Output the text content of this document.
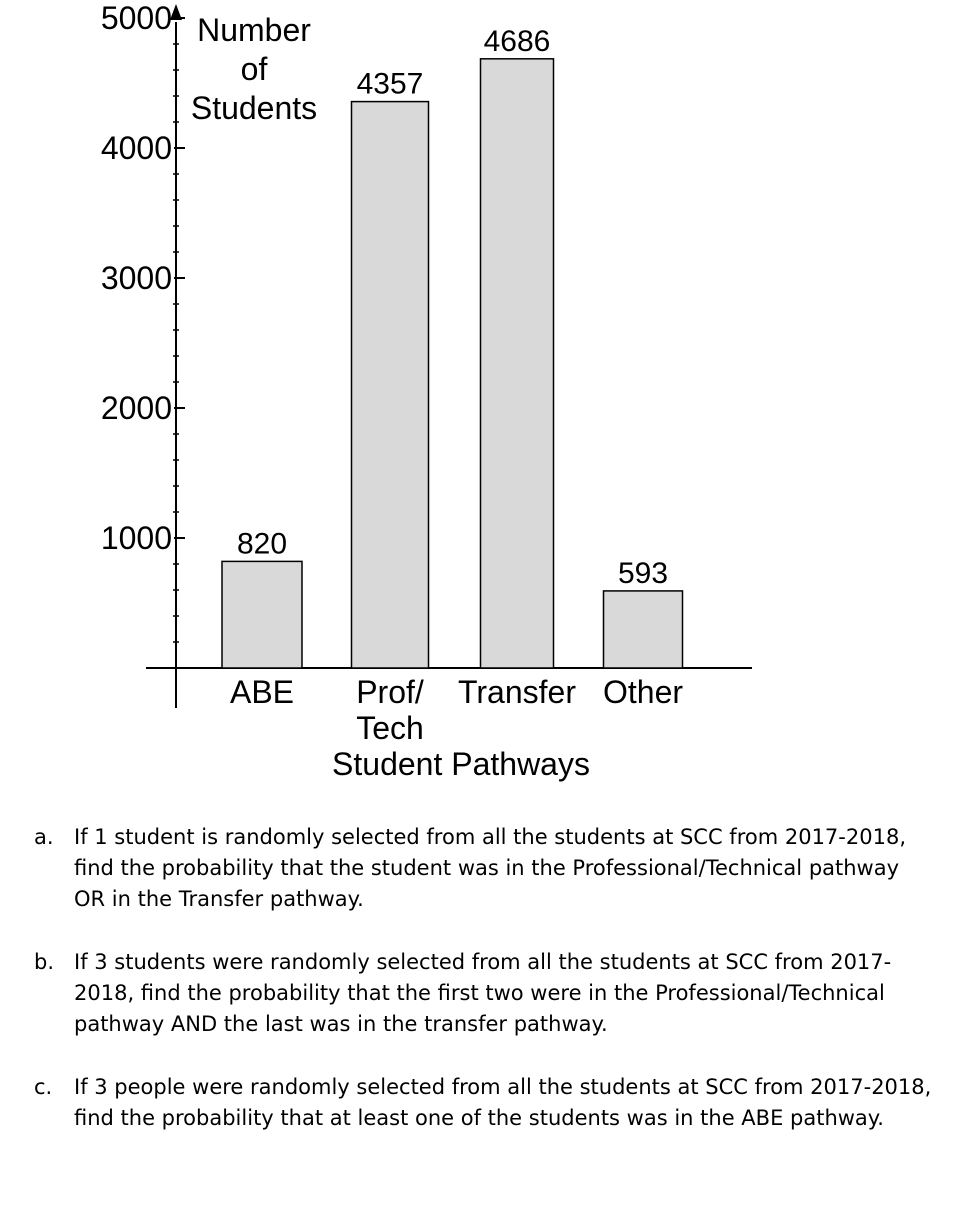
1000
2000
3000
4000
5000
820
ABE
4357
Prof/
Tech
4686
Transfer
593
Other
Number
of
Students
Student Pathways
a. If 1 student is randomly selected from all the students at SCC from 2017-2018, find the probability that the student was in the Professional/Technical pathway OR in the Transfer pathway.
b. If 3 students were randomly selected from all the students at SCC from 2017-2018, find the probability that the first two were in the Professional/Technical pathway AND the last was in the transfer pathway.
c.	If 3 people were randomly selected from all the students at SCC from 2017-2018, find the probability that at least one of the students was in the ABE pathway.
